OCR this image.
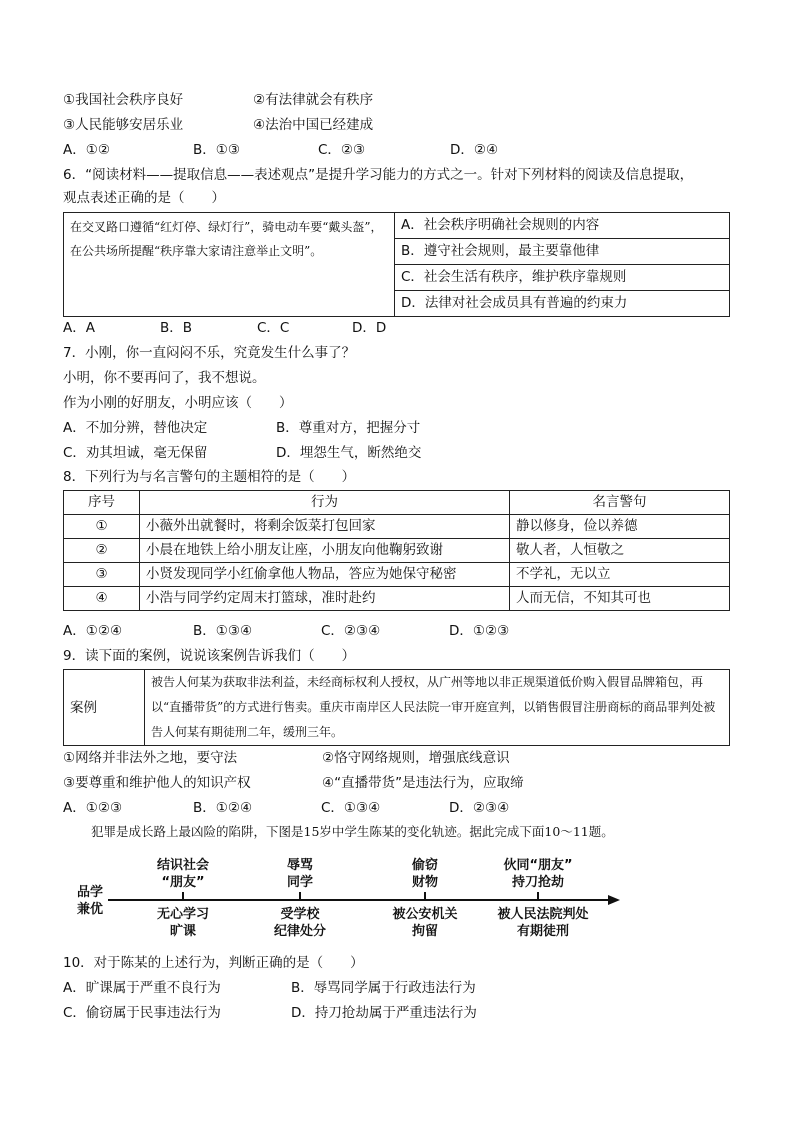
①我国社会秩序良好	②有法律就会有秩序
③人民能够安居乐业	④法治中国已经建成
A．①②	B．①③	C．②③	D．②④
6．“阅读材料——提取信息——表述观点”是提升学习能力的方式之一。针对下列材料的阅读及信息提取，
观点表述正确的是（　　）
在交叉路口遵循“红灯停、绿灯行”，骑电动车要“戴头盔”，在公共场所提醒“秩序靠大家请注意举止文明”。	A．社会秩序明确社会规则的内容
B．遵守社会规则，最主要靠他律
C．社会生活有秩序，维护秩序靠规则
D．法律对社会成员具有普遍的约束力
A．A	B．B	C．C	D．D
7．小刚，你一直闷闷不乐，究竟发生什么事了？
小明，你不要再问了，我不想说。
作为小刚的好朋友，小明应该（　　）
A．不加分辨，替他决定	B．尊重对方，把握分寸
C．劝其坦诚，毫无保留	D．埋怨生气，断然绝交
8．下列行为与名言警句的主题相符的是（　　）
序号	行为	名言警句
①	小薇外出就餐时，将剩余饭菜打包回家	静以修身，俭以养德
②	小晨在地铁上给小朋友让座，小朋友向他鞠躬致谢	敬人者，人恒敬之
③	小贤发现同学小红偷拿他人物品，答应为她保守秘密	不学礼，无以立
④	小浩与同学约定周末打篮球，准时赴约	人而无信，不知其可也
A．①②④	B．①③④	C．②③④	D．①②③
9．读下面的案例，说说该案例告诉我们（　　）
案例	被告人何某为获取非法利益，未经商标权利人授权，从广州等地以非正规渠道低价购入假冒品牌箱包，再以“直播带货”的方式进行售卖。重庆市南岸区人民法院一审开庭宣判，以销售假冒注册商标的商品罪判处被告人何某有期徒刑二年，缓刑三年。
①网络并非法外之地，要守法	②恪守网络规则，增强底线意识
③要尊重和维护他人的知识产权	④“直播带货”是违法行为，应取缔
A．①②③	B．①②④	C．①③④	D．②③④
犯罪是成长路上最凶险的陷阱，下图是15岁中学生陈某的变化轨迹。据此完成下面10～11题。
品学
兼优
结识社会
“朋友”
辱骂
同学
偷窃
财物
伙同“朋友”
持刀抢劫
无心学习
旷课
受学校
纪律处分
被公安机关
拘留
被人民法院判处
有期徒刑
10．对于陈某的上述行为，判断正确的是（　　）
A．旷课属于严重不良行为	B．辱骂同学属于行政违法行为
C．偷窃属于民事违法行为	D．持刀抢劫属于严重违法行为
